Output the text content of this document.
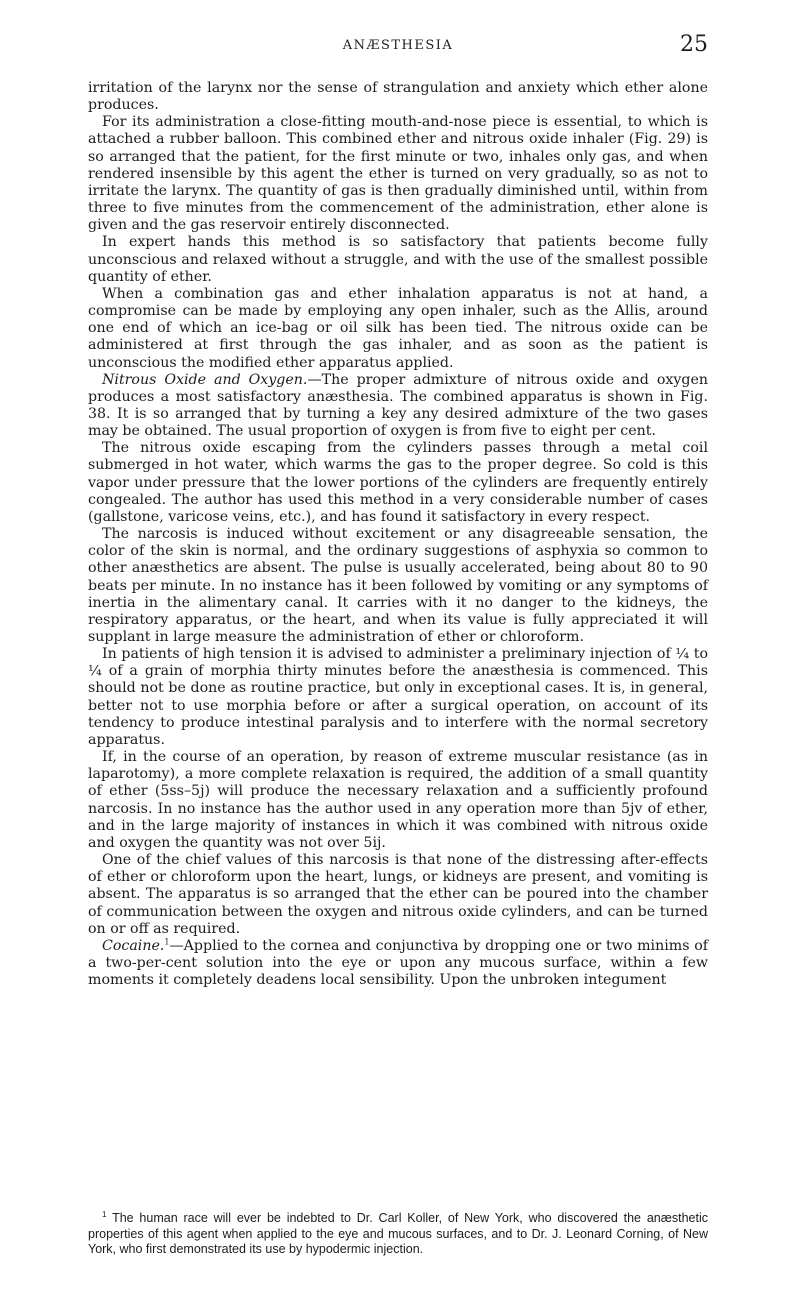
ANÆSTHESIA	25

irritation of the larynx nor the sense of strangulation and anxiety which ether alone produces.

For its administration a close-fitting mouth-and-nose piece is essential, to which is attached a rubber balloon. This combined ether and nitrous oxide inhaler (Fig. 29) is so arranged that the patient, for the first minute or two, inhales only gas, and when rendered insensible by this agent the ether is turned on very gradually, so as not to irritate the larynx. The quantity of gas is then gradually diminished until, within from three to five minutes from the commencement of the administration, ether alone is given and the gas reservoir entirely disconnected.

In expert hands this method is so satisfactory that patients become fully unconscious and relaxed without a struggle, and with the use of the smallest possible quantity of ether.

When a combination gas and ether inhalation apparatus is not at hand, a compromise can be made by employing any open inhaler, such as the Allis, around one end of which an ice-bag or oil silk has been tied. The nitrous oxide can be administered at first through the gas inhaler, and as soon as the patient is unconscious the modified ether apparatus applied.

Nitrous Oxide and Oxygen.—The proper admixture of nitrous oxide and oxygen produces a most satisfactory anæsthesia. The combined apparatus is shown in Fig. 38. It is so arranged that by turning a key any desired admixture of the two gases may be obtained. The usual proportion of oxygen is from five to eight per cent.

The nitrous oxide escaping from the cylinders passes through a metal coil submerged in hot water, which warms the gas to the proper degree. So cold is this vapor under pressure that the lower portions of the cylinders are frequently entirely congealed. The author has used this method in a very considerable number of cases (gallstone, varicose veins, etc.), and has found it satisfactory in every respect.

The narcosis is induced without excitement or any disagreeable sensation, the color of the skin is normal, and the ordinary suggestions of asphyxia so common to other anæsthetics are absent. The pulse is usually accelerated, being about 80 to 90 beats per minute. In no instance has it been followed by vomiting or any symptoms of inertia in the alimentary canal. It carries with it no danger to the kidneys, the respiratory apparatus, or the heart, and when its value is fully appreciated it will supplant in large measure the administration of ether or chloroform.

In patients of high tension it is advised to administer a preliminary injection of ¼ to ¼ of a grain of morphia thirty minutes before the anæsthesia is commenced. This should not be done as routine practice, but only in exceptional cases. It is, in general, better not to use morphia before or after a surgical operation, on account of its tendency to produce intestinal paralysis and to interfere with the normal secretory apparatus.

If, in the course of an operation, by reason of extreme muscular resistance (as in laparotomy), a more complete relaxation is required, the addition of a small quantity of ether (5ss–5j) will produce the necessary relaxation and a sufficiently profound narcosis. In no instance has the author used in any operation more than 5jv of ether, and in the large majority of instances in which it was combined with nitrous oxide and oxygen the quantity was not over 5ij.

One of the chief values of this narcosis is that none of the distressing after-effects of ether or chloroform upon the heart, lungs, or kidneys are present, and vomiting is absent. The apparatus is so arranged that the ether can be poured into the chamber of communication between the oxygen and nitrous oxide cylinders, and can be turned on or off as required.

Cocaine.$^1$—Applied to the cornea and conjunctiva by dropping one or two minims of a two-per-cent solution into the eye or upon any mucous surface, within a few moments it completely deadens local sensibility. Upon the unbroken integument

$^1$ The human race will ever be indebted to Dr. Carl Koller, of New York, who discovered the anæsthetic properties of this agent when applied to the eye and mucous surfaces, and to Dr. J. Leonard Corning, of New York, who first demonstrated its use by hypodermic injection.
